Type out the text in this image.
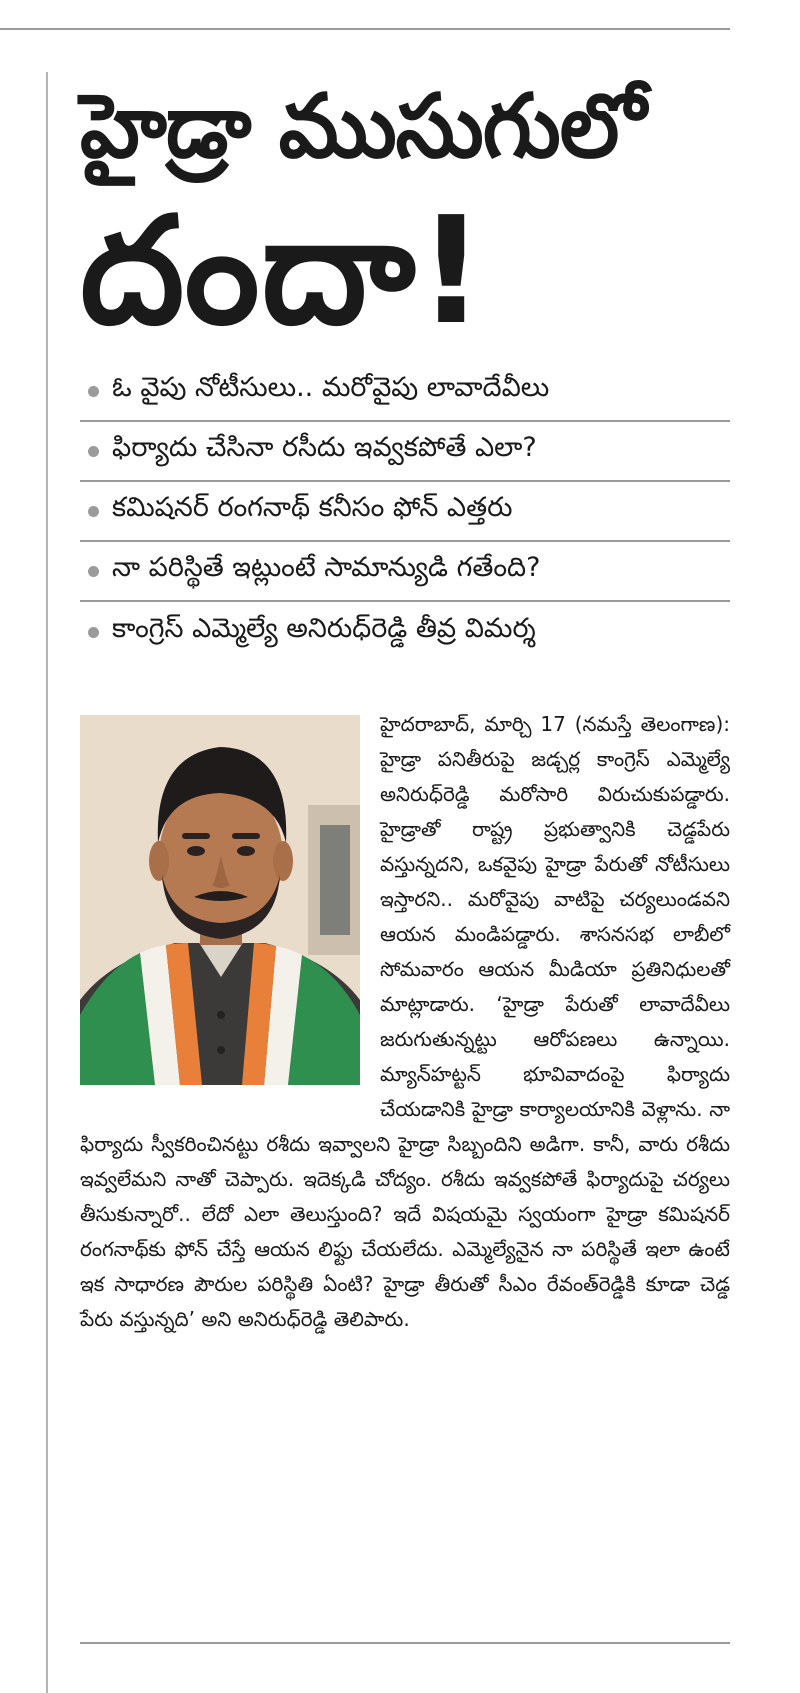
హైడ్రా ముసుగులో
దందా!
ఓ వైపు నోటీసులు.. మరోవైపు లావాదేవీలు
ఫిర్యాదు చేసినా రసీదు ఇవ్వకపోతే ఎలా?
కమిషనర్ రంగనాథ్ కనీసం ఫోన్ ఎత్తరు
నా పరిస్థితే ఇట్లుంటే సామాన్యుడి గతేంది?
కాంగ్రెస్ ఎమ్మెల్యే అనిరుధ్‌రెడ్డి తీవ్ర విమర్శ

హైదరాబాద్, మార్చి 17 (నమస్తే తెలంగాణ): హైడ్రా పనితీరుపై జడ్చర్ల కాంగ్రెస్ ఎమ్మెల్యే అనిరుధ్‌రెడ్డి మరోసారి విరుచుకుపడ్డారు. హైడ్రాతో రాష్ట్ర ప్రభుత్వానికి చెడ్డపేరు వస్తున్నదని, ఒకవైపు హైడ్రా పేరుతో నోటీసులు ఇస్తారని.. మరోవైపు వాటిపై చర్యలుండవని ఆయన మండిపడ్డారు. శాసనసభ లాబీలో సోమవారం ఆయన మీడియా ప్రతినిధులతో మాట్లాడారు. ‘హైడ్రా పేరుతో లావాదేవీలు జరుగుతున్నట్టు ఆరోపణలు ఉన్నాయి. మ్యాన్‌హట్టన్ భూవివాదంపై ఫిర్యాదు చేయడానికి హైడ్రా కార్యాలయానికి వెళ్లాను. నా ఫిర్యాదు స్వీకరించినట్టు రశీదు ఇవ్వాలని హైడ్రా సిబ్బందిని అడిగా. కానీ, వారు రశీదు ఇవ్వలేమని నాతో చెప్పారు. ఇదెక్కడి చోద్యం. రశీదు ఇవ్వకపోతే ఫిర్యాదుపై చర్యలు తీసుకున్నారో.. లేదో ఎలా తెలుస్తుంది? ఇదే విషయమై స్వయంగా హైడ్రా కమిషనర్ రంగనాథ్‌కు ఫోన్ చేస్తే ఆయన లిఫ్టు చేయలేదు. ఎమ్మెల్యేనైన నా పరిస్థితే ఇలా ఉంటే ఇక సాధారణ పౌరుల పరిస్థితి ఏంటి? హైడ్రా తీరుతో సీఎం రేవంత్‌రెడ్డికి కూడా చెడ్డ పేరు వస్తున్నది’ అని అనిరుధ్‌రెడ్డి తెలిపారు.
